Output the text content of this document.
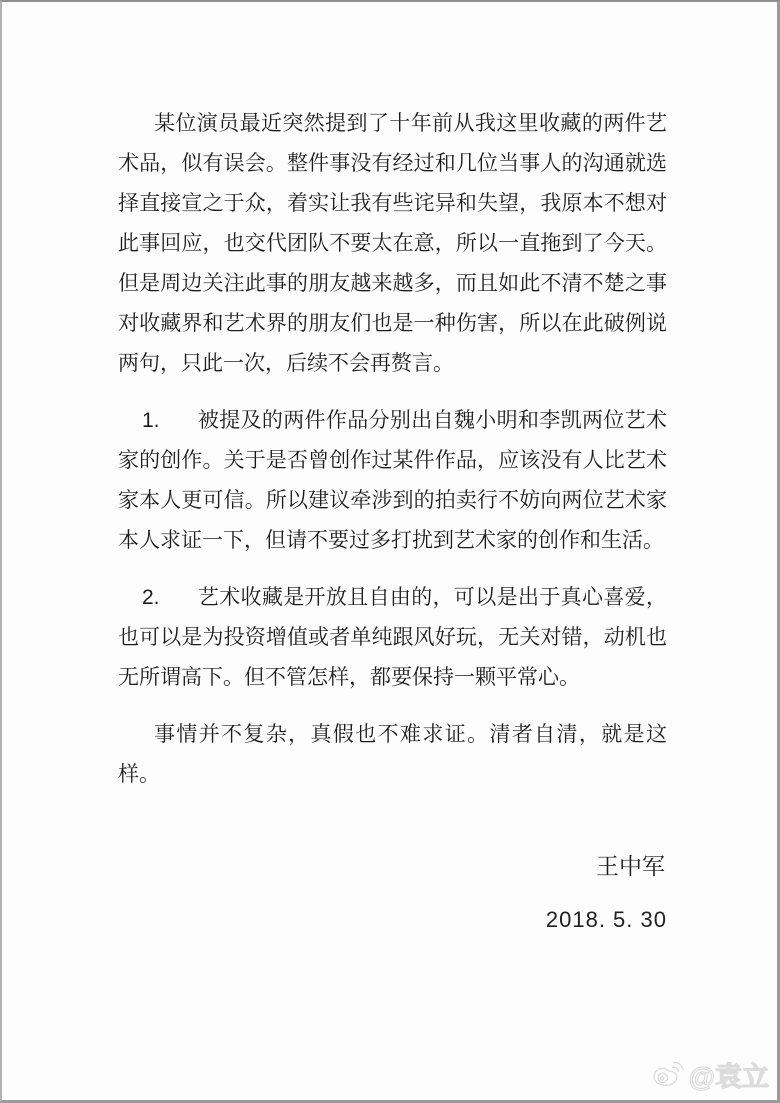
某位演员最近突然提到了十年前从我这里收藏的两件艺术品，似有误会。整件事没有经过和几位当事人的沟通就选择直接宣之于众，着实让我有些诧异和失望，我原本不想对此事回应，也交代团队不要太在意，所以一直拖到了今天。但是周边关注此事的朋友越来越多，而且如此不清不楚之事对收藏界和艺术界的朋友们也是一种伤害，所以在此破例说两句，只此一次，后续不会再赘言。

1. 被提及的两件作品分别出自魏小明和李凯两位艺术家的创作。关于是否曾创作过某件作品，应该没有人比艺术家本人更可信。所以建议牵涉到的拍卖行不妨向两位艺术家本人求证一下，但请不要过多打扰到艺术家的创作和生活。

2. 艺术收藏是开放且自由的，可以是出于真心喜爱，也可以是为投资增值或者单纯跟风好玩，无关对错，动机也无所谓高下。但不管怎样，都要保持一颗平常心。

事情并不复杂，真假也不难求证。清者自清，就是这样。

王中军
2018. 5. 30
@袁立
